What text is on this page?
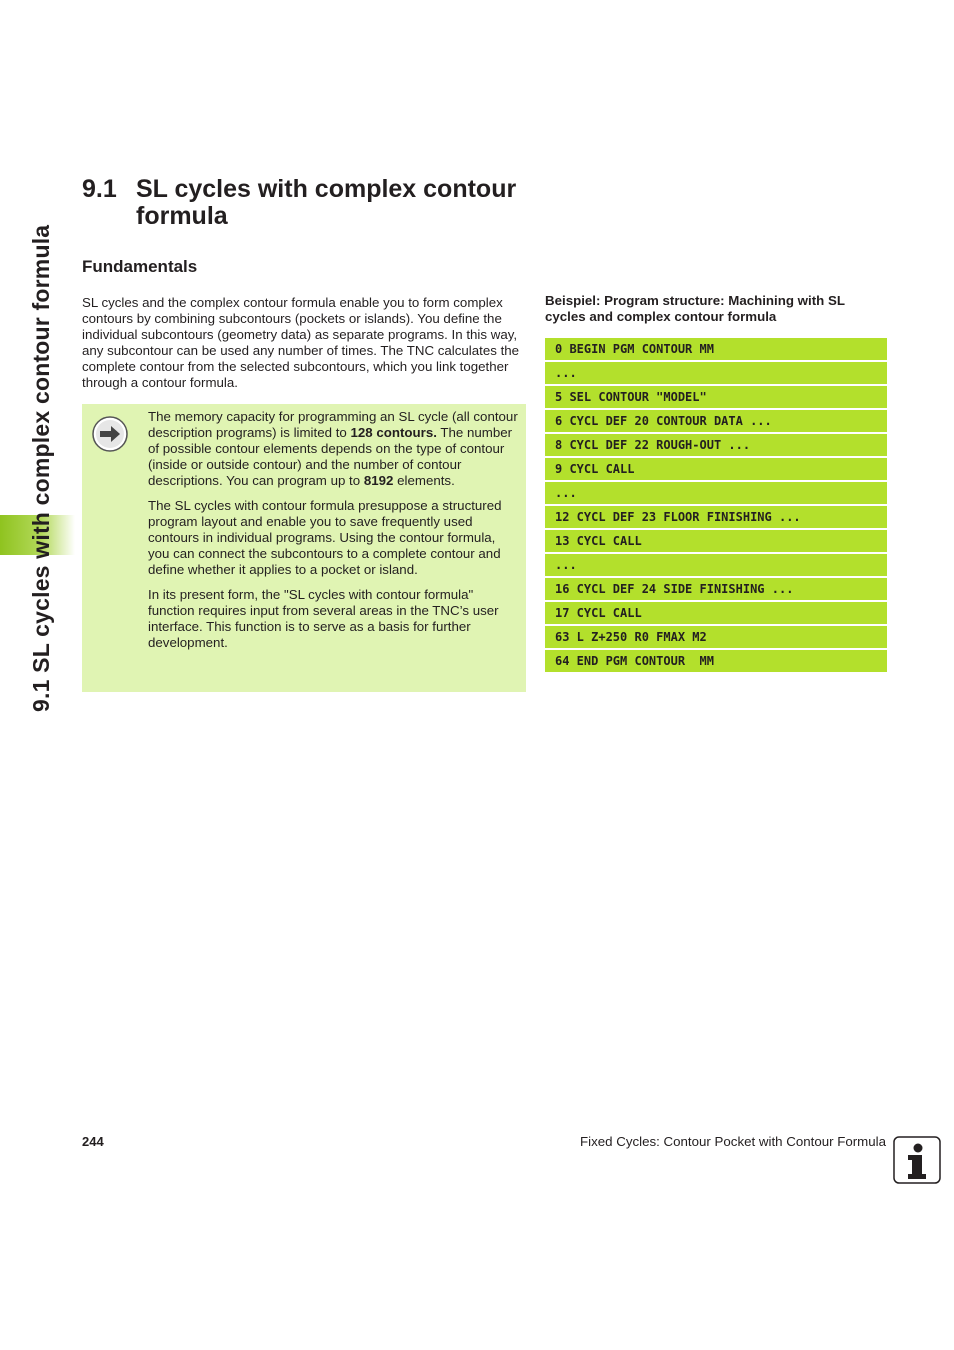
9.1 SL cycles with complex contour formula
9.1 SL cycles with complex contour formula
Fundamentals

SL cycles and the complex contour formula enable you to form complex contours by combining subcontours (pockets or islands). You define the individual subcontours (geometry data) as separate programs. In this way, any subcontour can be used any number of times. The TNC calculates the complete contour from the selected subcontours, which you link together through a contour formula.

The memory capacity for programming an SL cycle (all contour description programs) is limited to 128 contours. The number of possible contour elements depends on the type of contour (inside or outside contour) and the number of contour descriptions. You can program up to 8192 elements.

The SL cycles with contour formula presuppose a structured program layout and enable you to save frequently used contours in individual programs. Using the contour formula, you can connect the subcontours to a complete contour and define whether it applies to a pocket or island.

In its present form, the "SL cycles with contour formula" function requires input from several areas in the TNC’s user interface. This function is to serve as a basis for further development.

Beispiel: Program structure: Machining with SL cycles and complex contour formula
0 BEGIN PGM CONTOUR MM
...
5 SEL CONTOUR "MODEL"
6 CYCL DEF 20 CONTOUR DATA ...
8 CYCL DEF 22 ROUGH-OUT ...
9 CYCL CALL
...
12 CYCL DEF 23 FLOOR FINISHING ...
13 CYCL CALL
...
16 CYCL DEF 24 SIDE FINISHING ...
17 CYCL CALL
63 L Z+250 R0 FMAX M2
64 END PGM CONTOUR  MM
244	Fixed Cycles: Contour Pocket with Contour Formula
